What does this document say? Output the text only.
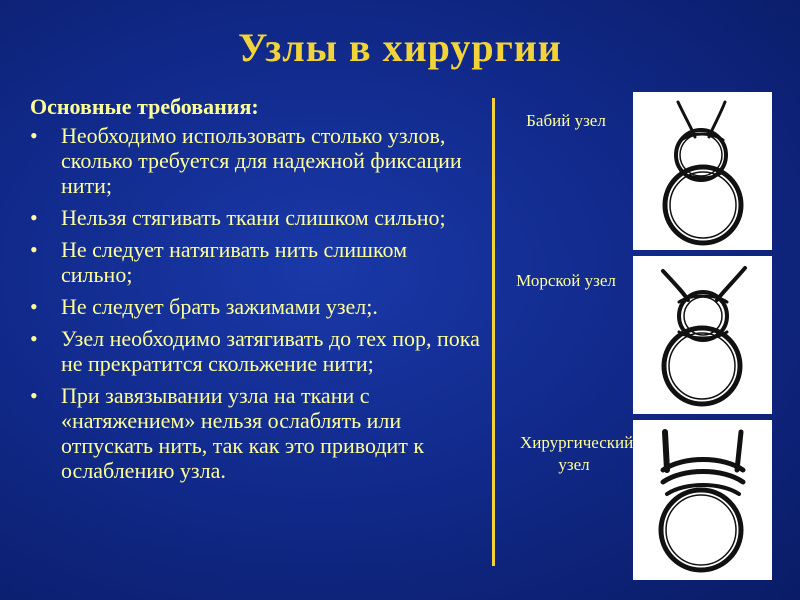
Узлы в хирургии
Основные требования:
• Необходимо использовать столько узлов, сколько требуется для надежной фиксации нити;
• Нельзя стягивать ткани слишком сильно;
• Не следует натягивать нить слишком сильно;
• Не следует брать зажимами узел;.
• Узел необходимо затягивать до тех пор, пока не прекратится скольжение нити;
• При завязывании узла на ткани с «натяжением» нельзя ослаблять или отпускать нить, так как это приводит к ослаблению узла.
Бабий узел
Морской узел
Хирургический узел
